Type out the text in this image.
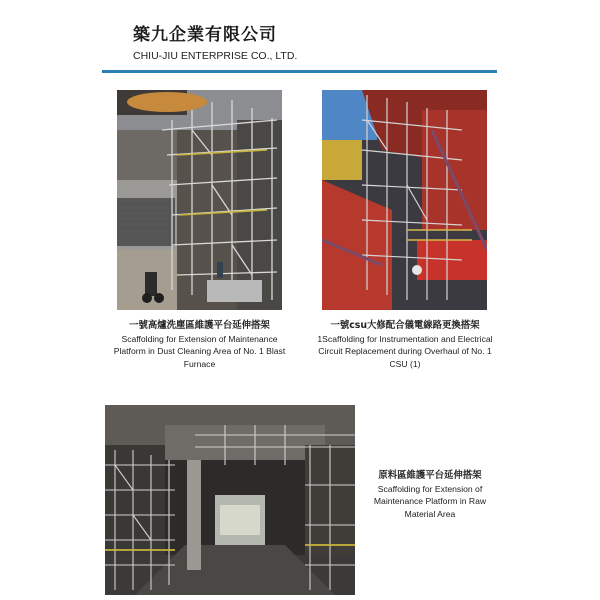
築九企業有限公司
CHIU-JIU ENTERPRISE CO., LTD.
一號高爐洗塵區維護平台延伸搭架
Scaffolding for Extension of Maintenance Platform in Dust Cleaning Area of No. 1 Blast Furnace
一號csu大修配合儀電線路更換搭架
1Scaffolding for Instrumentation and Electrical Circuit Replacement during Overhaul of No. 1 CSU (1)
原料區維護平台延伸搭架
Scaffolding for Extension of Maintenance Platform in Raw Material Area
